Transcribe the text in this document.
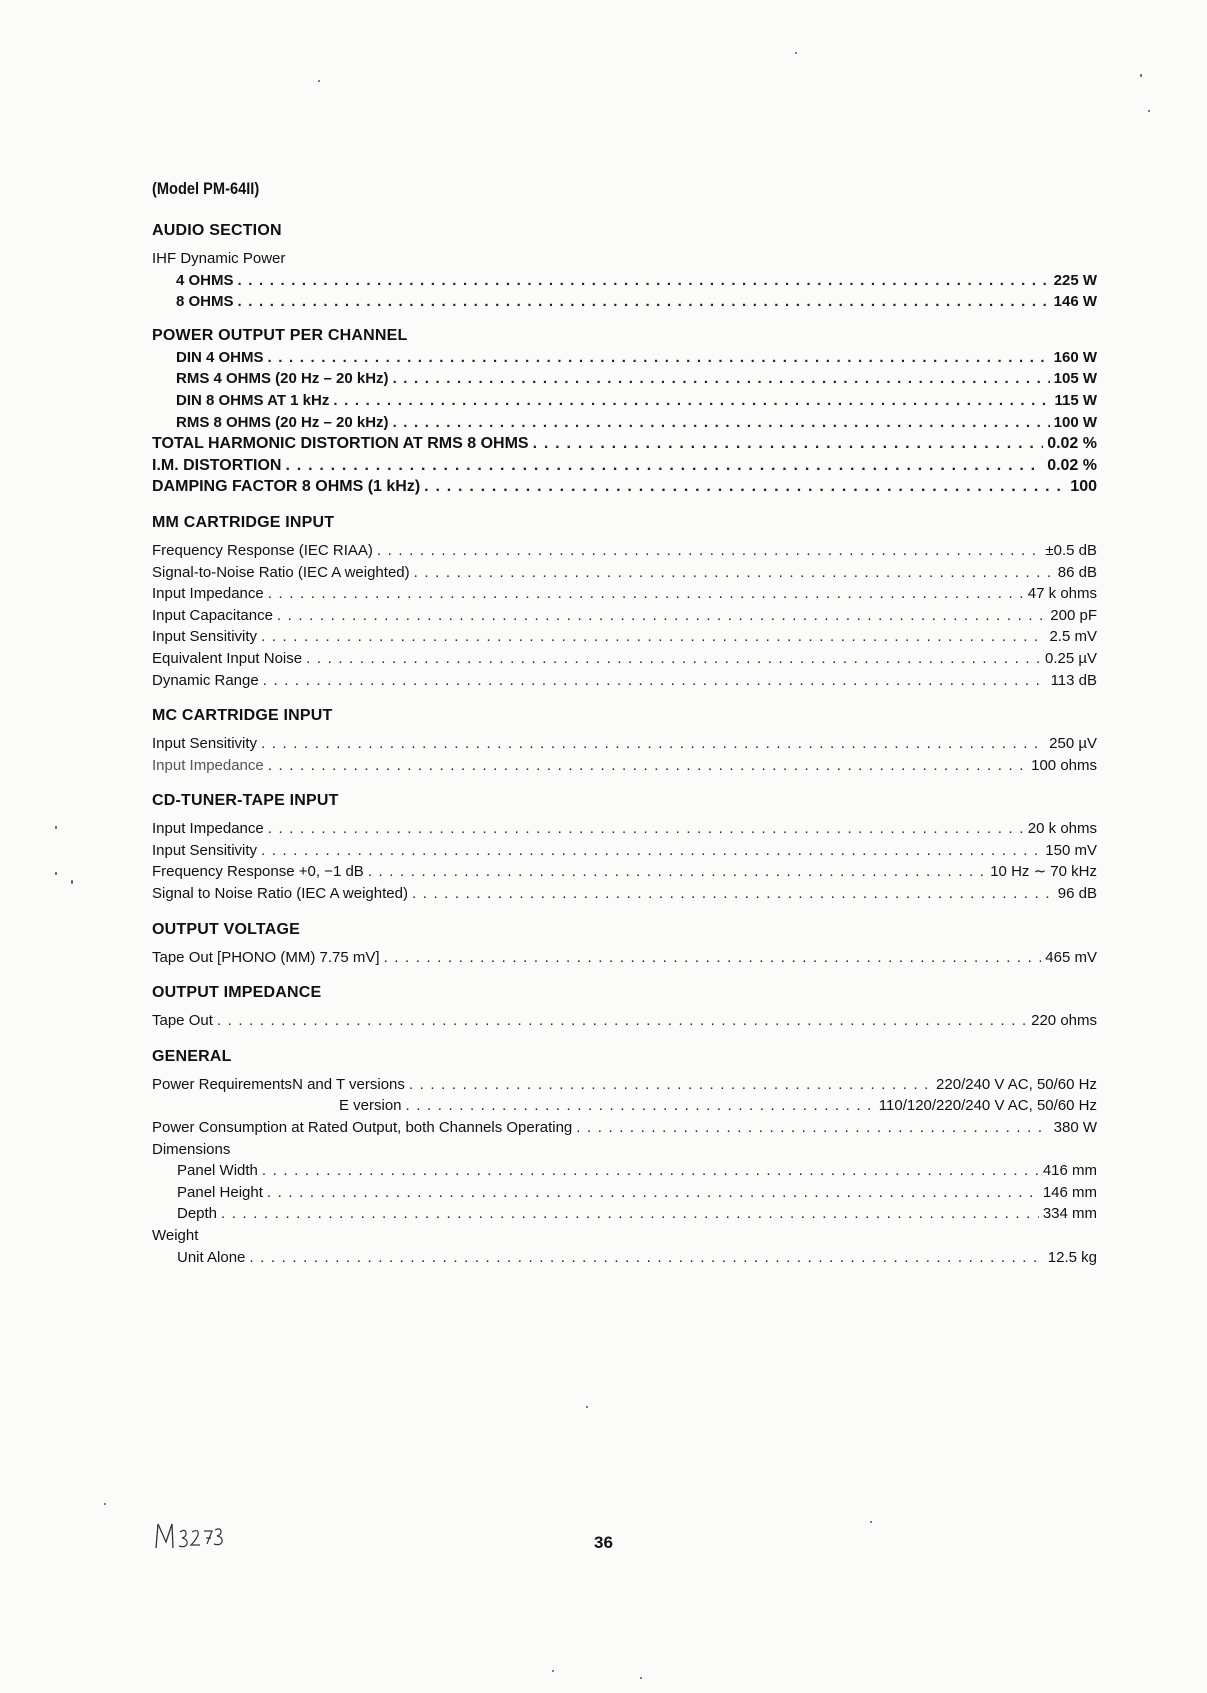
(Model PM-64II)
AUDIO SECTION
IHF Dynamic Power
4 OHMS . . .	225 W
8 OHMS . . .	146 W
POWER OUTPUT PER CHANNEL
DIN 4 OHMS . . .	160 W
RMS 4 OHMS (20 Hz – 20 kHz) . . .	105 W
DIN 8 OHMS AT 1 kHz . . .	115 W
RMS 8 OHMS (20 Hz – 20 kHz) . . .	100 W
TOTAL HARMONIC DISTORTION AT RMS 8 OHMS . . .	0.02 %
I.M. DISTORTION . . .	0.02 %
DAMPING FACTOR 8 OHMS (1 kHz) . . .	100
MM CARTRIDGE INPUT
Frequency Response (IEC RIAA) . . .	±0.5 dB
Signal-to-Noise Ratio (IEC A weighted) . . .	86 dB
Input Impedance . . .	47 k ohms
Input Capacitance . . .	200 pF
Input Sensitivity . . .	2.5 mV
Equivalent Input Noise . . .	0.25 µV
Dynamic Range . . .	113 dB
MC CARTRIDGE INPUT
Input Sensitivity . . .	250 µV
Input Impedance . . .	100 ohms
CD-TUNER-TAPE INPUT
Input Impedance . . .	20 k ohms
Input Sensitivity . . .	150 mV
Frequency Response +0, −1 dB . . .	10 Hz ∼ 70 kHz
Signal to Noise Ratio (IEC A weighted) . . .	96 dB
OUTPUT VOLTAGE
Tape Out [PHONO (MM) 7.75 mV] . . .	465 mV
OUTPUT IMPEDANCE
Tape Out . . .	220 ohms
GENERAL
Power Requirements N and T versions . . .	220/240 V AC, 50/60 Hz
E version . . .	110/120/220/240 V AC, 50/60 Hz
Power Consumption at Rated Output, both Channels Operating . . .	380 W
Dimensions
Panel Width . . .	416 mm
Panel Height . . .	146 mm
Depth . . .	334 mm
Weight
Unit Alone . . .	12.5 kg
36
